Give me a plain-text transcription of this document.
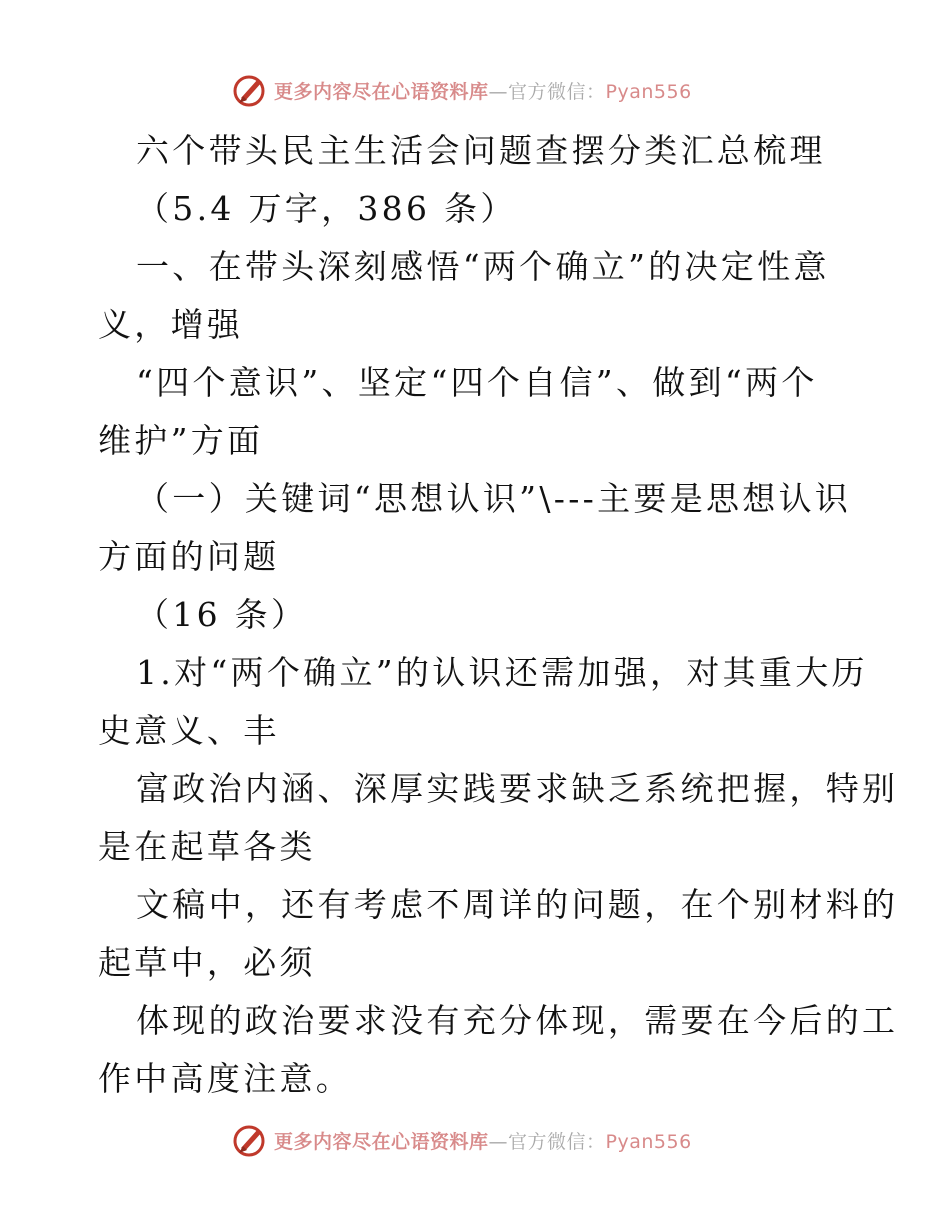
更多内容尽在心语资料库—官方微信：Pyan556
六个带头民主生活会问题查摆分类汇总梳理
（5.4 万字，386 条）
一、在带头深刻感悟“两个确立”的决定性意
义，增强
“四个意识”、坚定“四个自信”、做到“两个
维护”方面
（一）关键词“思想认识”\---主要是思想认识
方面的问题
（16 条）
1.对“两个确立”的认识还需加强，对其重大历
史意义、丰
富政治内涵、深厚实践要求缺乏系统把握，特别
是在起草各类
文稿中，还有考虑不周详的问题，在个别材料的
起草中，必须
体现的政治要求没有充分体现，需要在今后的工
作中高度注意。
更多内容尽在心语资料库—官方微信：Pyan556
